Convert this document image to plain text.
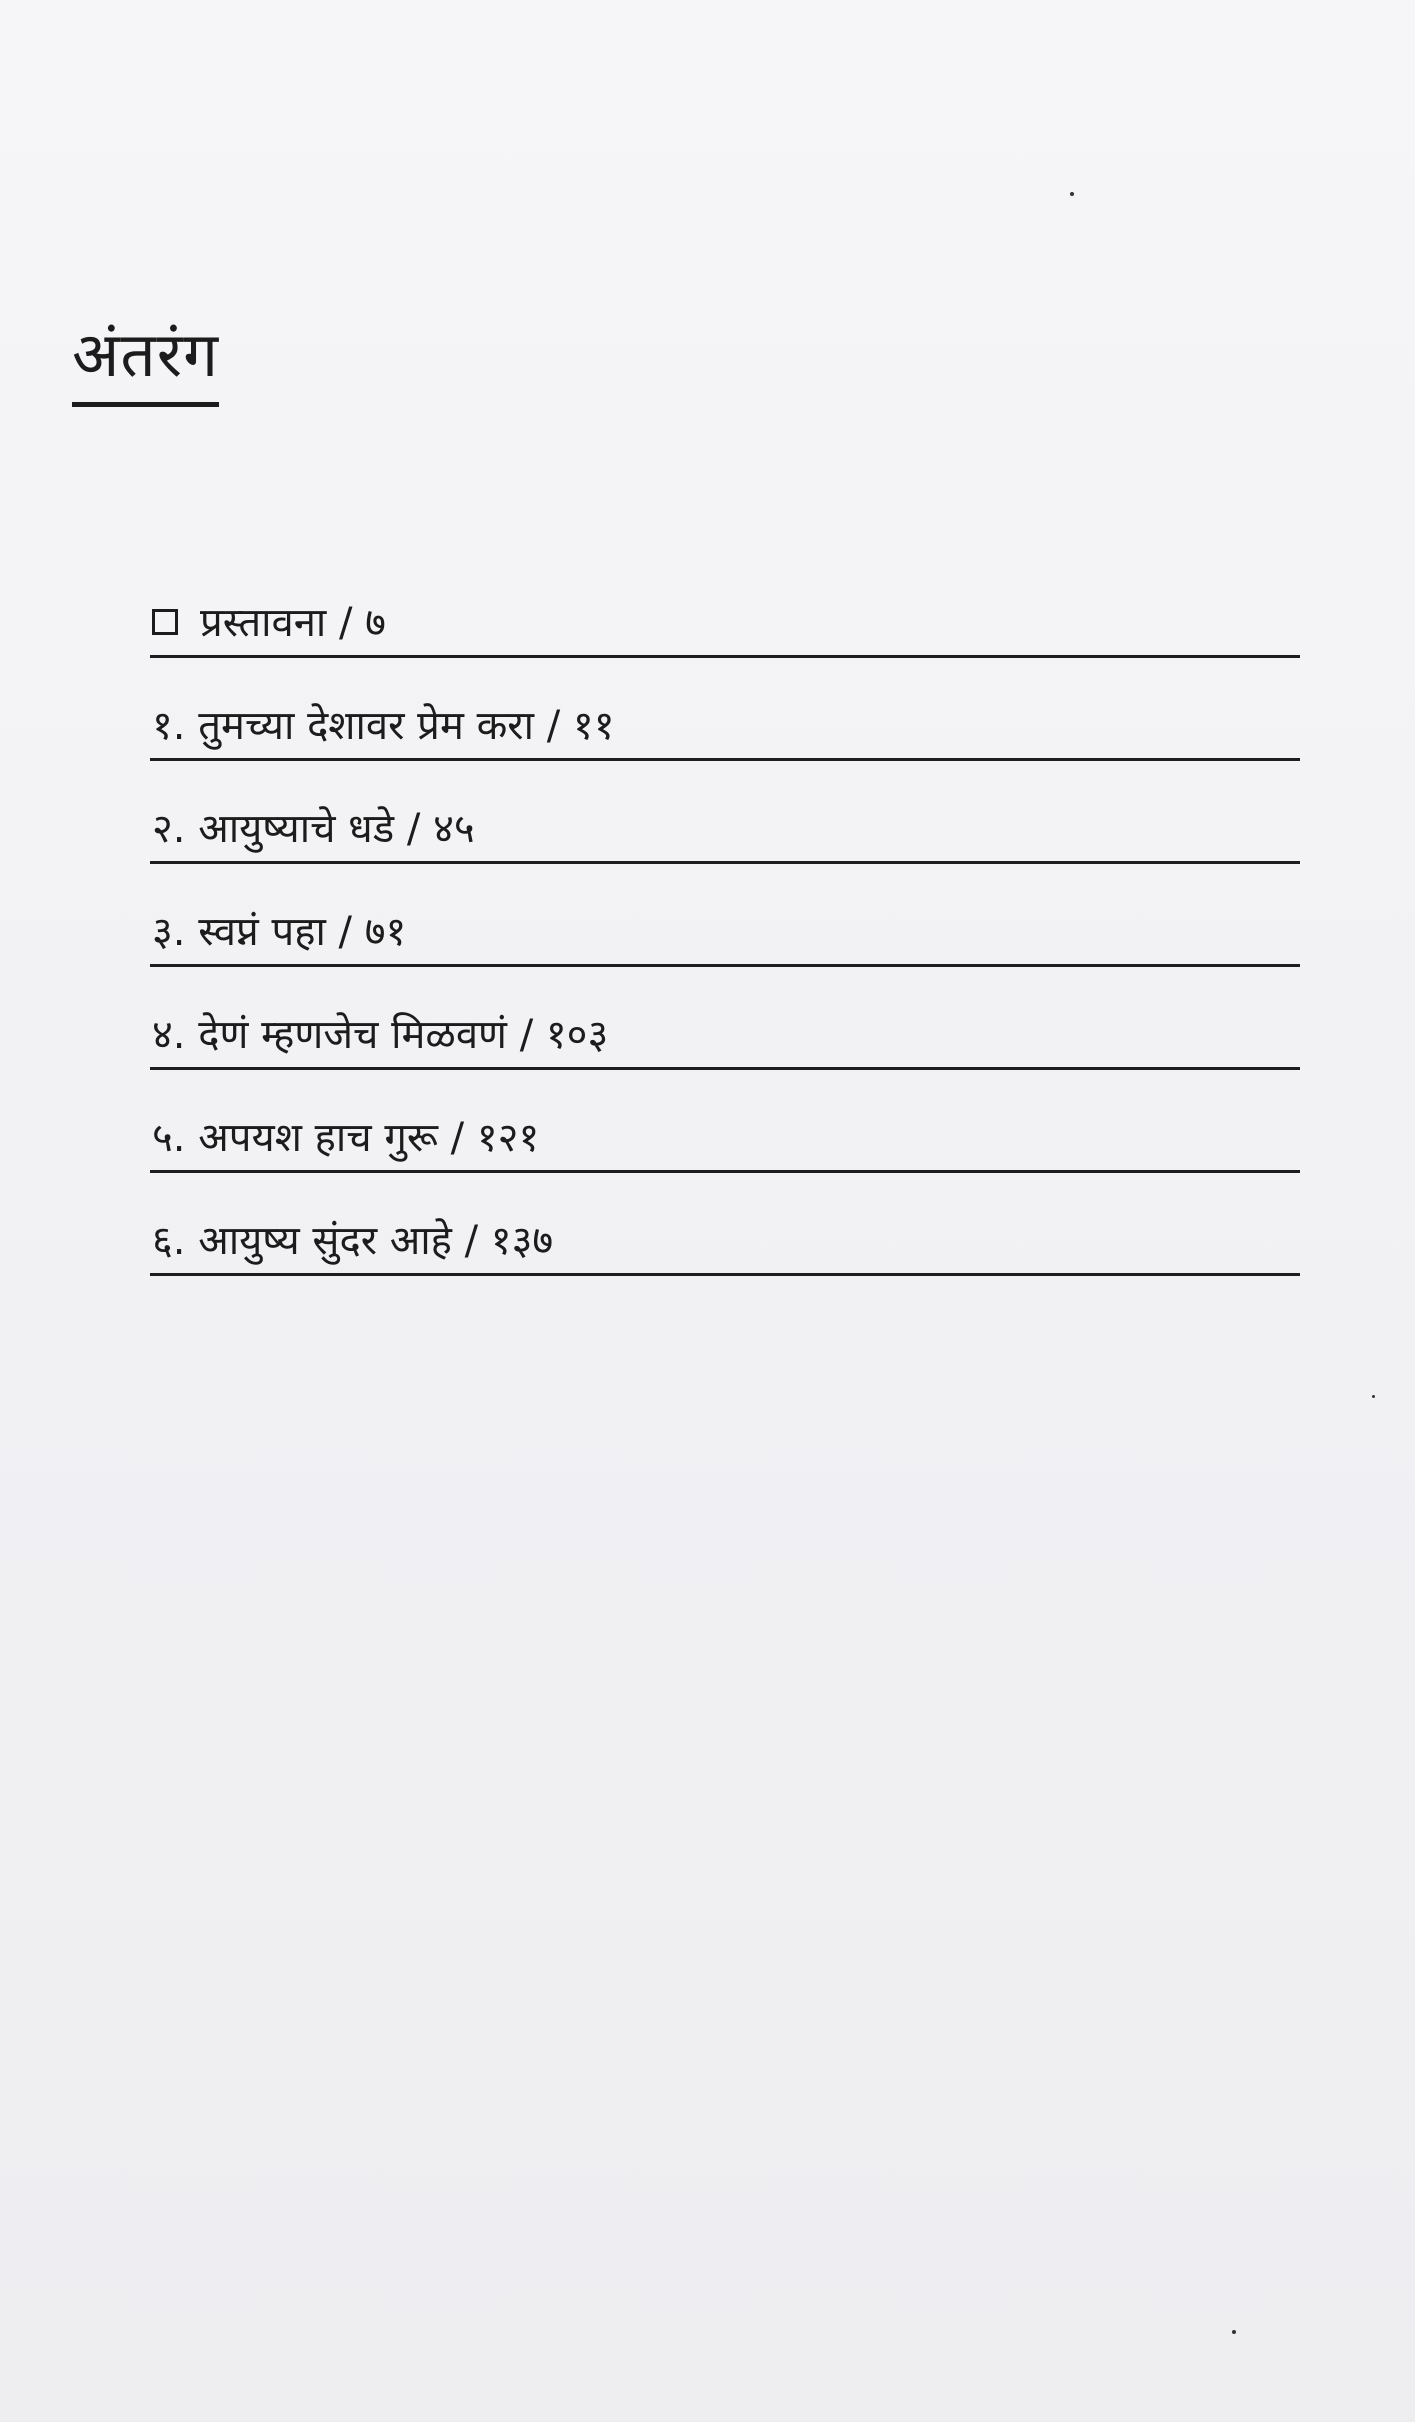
अंतरंग
प्रस्तावना / ७
१. तुमच्या देशावर प्रेम करा / ११
२. आयुष्याचे धडे / ४५
३. स्वप्नं पहा / ७१
४. देणं म्हणजेच मिळवणं / १०३
५. अपयश हाच गुरू / १२१
६. आयुष्य सुंदर आहे / १३७
